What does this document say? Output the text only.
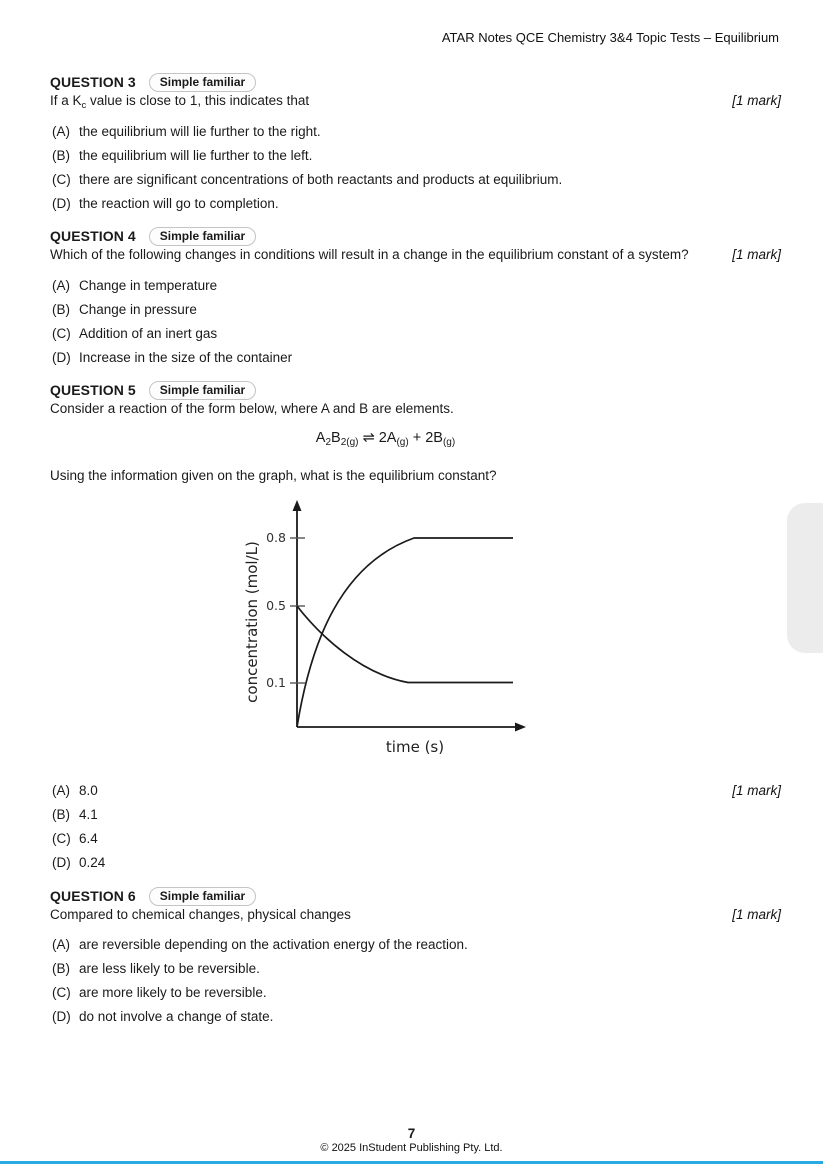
ATAR Notes QCE Chemistry 3&4 Topic Tests – Equilibrium
QUESTION 3	Simple familiar
If a $K_c$ value is close to 1, this indicates that	[1 mark]
(A) the equilibrium will lie further to the right.
(B) the equilibrium will lie further to the left.
(C) there are significant concentrations of both reactants and products at equilibrium.
(D) the reaction will go to completion.
QUESTION 4	Simple familiar
Which of the following changes in conditions will result in a change in the equilibrium constant of a system?	[1 mark]
(A) Change in temperature
(B) Change in pressure
(C) Addition of an inert gas
(D) Increase in the size of the container
QUESTION 5	Simple familiar
Consider a reaction of the form below, where A and B are elements.
$A_2B_{2(g)}$ ⇌ $2A_{(g)} + 2B_{(g)}$
Using the information given on the graph, what is the equilibrium constant?
0.8
0.5
0.1
concentration (mol/L)
time (s)
(A) 8.0	[1 mark]
(B) 4.1
(C) 6.4
(D) 0.24
QUESTION 6	Simple familiar
Compared to chemical changes, physical changes	[1 mark]
(A) are reversible depending on the activation energy of the reaction.
(B) are less likely to be reversible.
(C) are more likely to be reversible.
(D) do not involve a change of state.
7
© 2025 InStudent Publishing Pty. Ltd.
